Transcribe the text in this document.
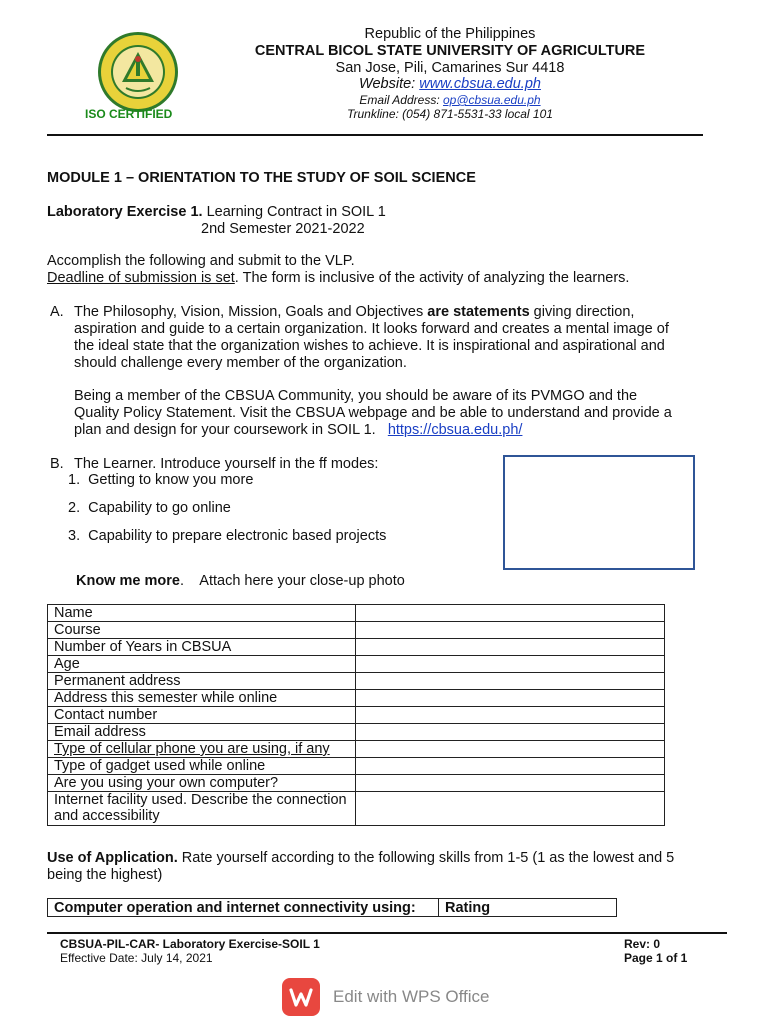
ISO CERTIFIED
Republic of the Philippines
CENTRAL BICOL STATE UNIVERSITY OF AGRICULTURE
San Jose, Pili, Camarines Sur 4418
Website: www.cbsua.edu.ph
Email Address: op@cbsua.edu.ph
Trunkline: (054) 871-5531-33 local 101
MODULE 1 – ORIENTATION TO THE STUDY OF SOIL SCIENCE
Laboratory Exercise 1. Learning Contract in SOIL 1
2nd Semester 2021-2022
Accomplish the following and submit to the VLP.
Deadline of submission is set. The form is inclusive of the activity of analyzing the learners.
A. The Philosophy, Vision, Mission, Goals and Objectives are statements giving direction,
aspiration and guide to a certain organization. It looks forward and creates a mental image of
the ideal state that the organization wishes to achieve. It is inspirational and aspirational and
should challenge every member of the organization.
Being a member of the CBSUA Community, you should be aware of its PVMGO and the
Quality Policy Statement. Visit the CBSUA webpage and be able to understand and provide a
plan and design for your coursework in SOIL 1. https://cbsua.edu.ph/
B. The Learner. Introduce yourself in the ff modes:
1. Getting to know you more
2. Capability to go online
3. Capability to prepare electronic based projects
Know me more.    Attach here your close-up photo
Name	
Course	
Number of Years in CBSUA	
Age	
Permanent address	
Address this semester while online	
Contact number	
Email address	
Type of cellular phone you are using, if any	
Type of gadget used while online	
Are you using your own computer?	
Internet facility used. Describe the connection and accessibility	
Use of Application. Rate yourself according to the following skills from 1-5 (1 as the lowest and 5
being the highest)
Computer operation and internet connectivity using:	Rating
CBSUA-PIL-CAR- Laboratory Exercise-SOIL 1
Effective Date: July 14, 2021
Rev: 0
Page 1 of 1
Edit with WPS Office
